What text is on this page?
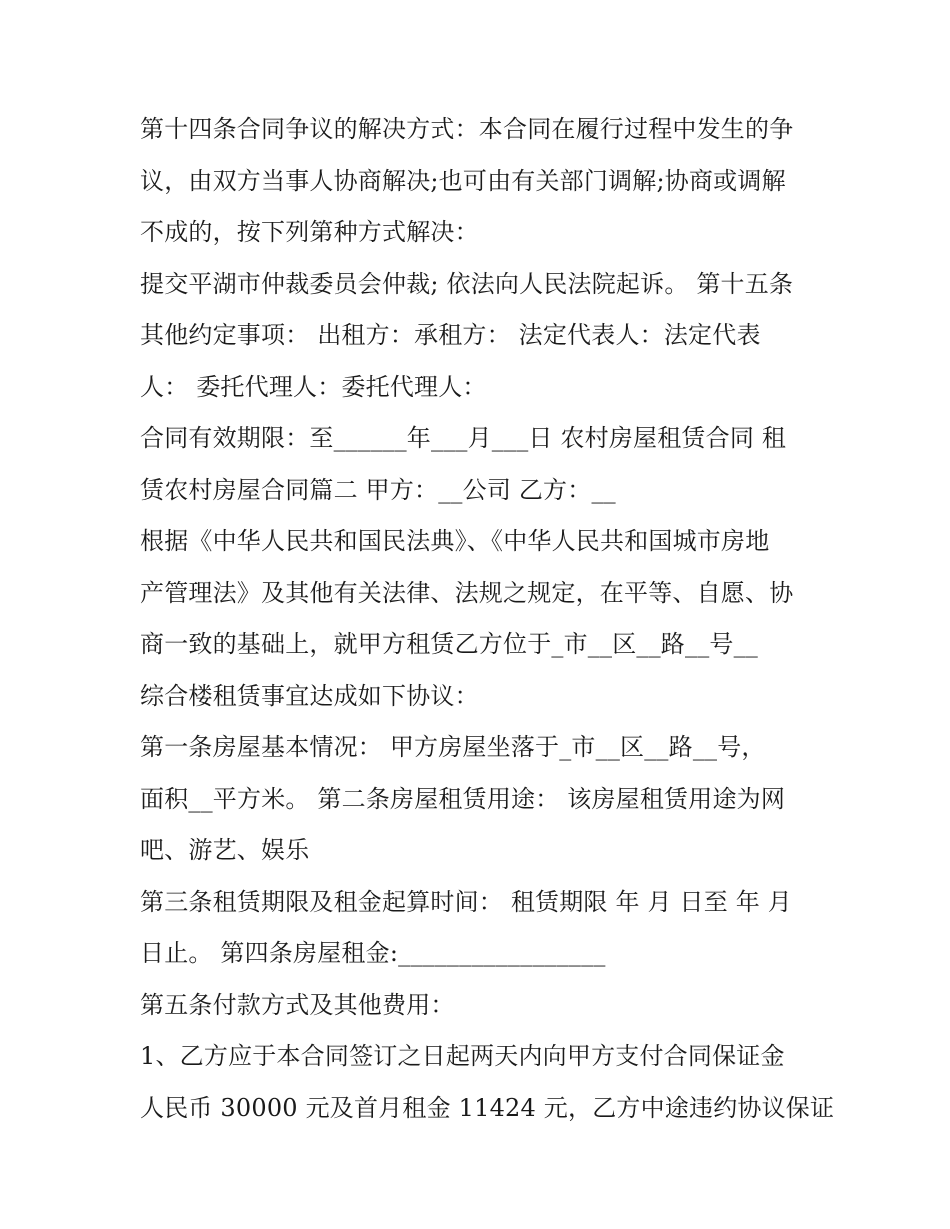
第十四条合同争议的解决方式：本合同在履行过程中发生的争

议，由双方当事人协商解决;也可由有关部门调解;协商或调解

不成的，按下列第种方式解决：

提交平湖市仲裁委员会仲裁; 依法向人民法院起诉。 第十五条

其他约定事项： 出租方：承租方： 法定代表人：法定代表

人： 委托代理人：委托代理人：

合同有效期限：至______年___月___日 农村房屋租赁合同 租

赁农村房屋合同篇二 甲方：__公司 乙方：__

根据《中华人民共和国民法典》、《中华人民共和国城市房地

产管理法》及其他有关法律、法规之规定，在平等、自愿、协

商一致的基础上，就甲方租赁乙方位于_市__区__路__号__

综合楼租赁事宜达成如下协议：

第一条房屋基本情况： 甲方房屋坐落于_市__区__路__号，

面积__平方米。 第二条房屋租赁用途： 该房屋租赁用途为网

吧、游艺、娱乐

第三条租赁期限及租金起算时间： 租赁期限 年 月 日至 年 月

日止。 第四条房屋租金:_________________

第五条付款方式及其他费用：

1、乙方应于本合同签订之日起两天内向甲方支付合同保证金

人民币 30000 元及首月租金 11424 元，乙方中途违约协议保证
